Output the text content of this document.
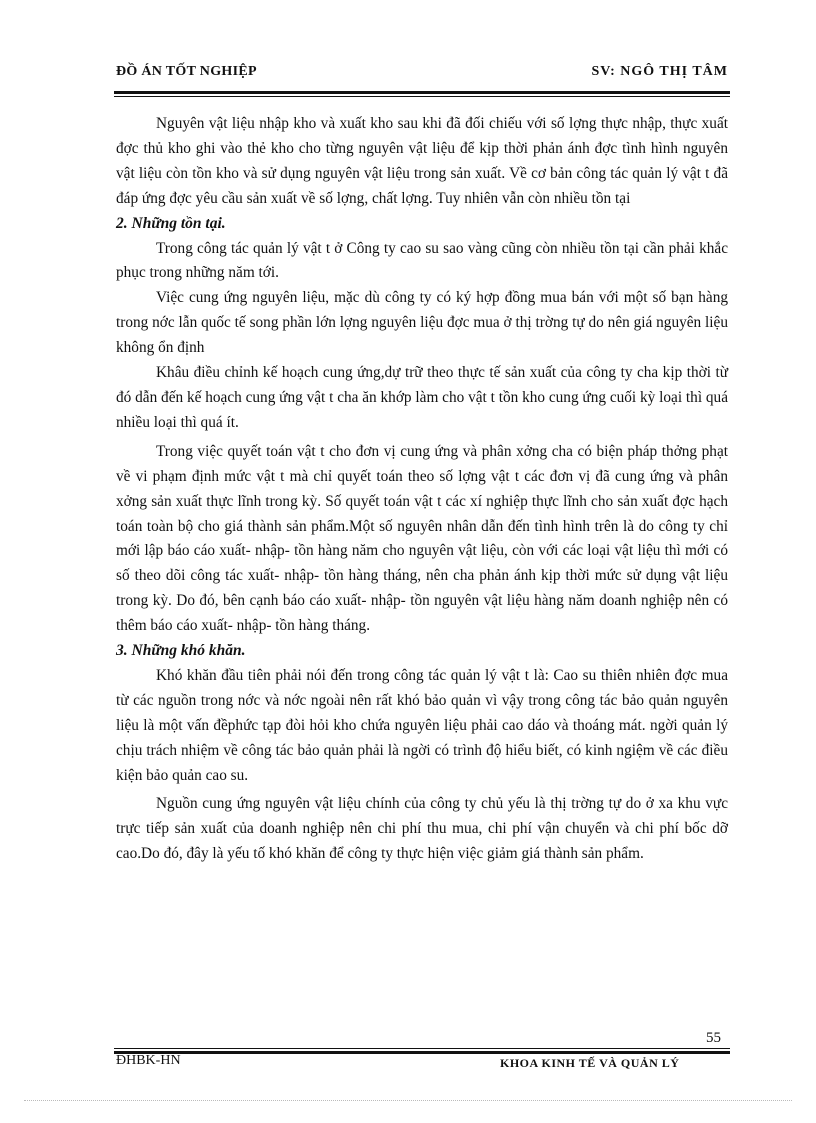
ĐỒ ÁN TỐT NGHIỆP	SV: NGÔ THỊ TÂM

Nguyên vật liệu nhập kho và xuất kho sau khi đã đối chiếu với số lợng thực nhập, thực xuất đợc thủ kho ghi vào thẻ kho cho từng nguyên vật liệu để kịp thời phản ánh đợc tình hình nguyên vật liệu còn tồn kho và sử dụng nguyên vật liệu trong sản xuất. Về cơ bản công tác quản lý vật t đã đáp ứng đợc yêu cầu sản xuất về số lợng, chất lợng. Tuy nhiên vẫn còn nhiều tồn tại

2. Những tồn tại.

Trong công tác quản lý vật t ở Công ty cao su sao vàng cũng còn nhiều tồn tại cần phải khắc phục trong những năm tới.

Việc cung ứng nguyên liệu, mặc dù công ty có ký hợp đồng mua bán với một số bạn hàng trong nớc lẫn quốc tế song phần lớn lợng nguyên liệu đợc mua ở thị trờng tự do nên giá nguyên liệu không ổn định

Khâu điều chỉnh kế hoạch cung ứng,dự trữ theo thực tế sản xuất của công ty cha kịp thời từ đó dẫn đến kế hoạch cung ứng vật t cha ăn khớp làm cho vật t tồn kho cung ứng cuối kỳ loại thì quá nhiều loại thì quá ít.

Trong việc quyết toán vật t cho đơn vị cung ứng và phân xởng cha có biện pháp thởng phạt về vi phạm định mức vật t mà chỉ quyết toán theo số lợng vật t các đơn vị đã cung ứng và phân xởng sản xuất thực lĩnh trong kỳ. Số quyết toán vật t các xí nghiệp thực lĩnh cho sản xuất đợc hạch toán toàn bộ cho giá thành sản phẩm.Một số nguyên nhân dẫn đến tình hình trên là do công ty chỉ mới lập báo cáo xuất- nhập- tồn hàng năm cho nguyên vật liệu, còn với các loại vật liệu thì mới có số theo dõi công tác xuất- nhập- tồn hàng tháng, nên cha phản ánh kịp thời mức sử dụng vật liệu trong kỳ. Do đó, bên cạnh báo cáo xuất- nhập- tồn nguyên vật liệu hàng năm doanh nghiệp nên có thêm báo cáo xuất- nhập- tồn hàng tháng.

3. Những khó khăn.

Khó khăn đầu tiên phải nói đến trong công tác quản lý vật t là: Cao su thiên nhiên đợc mua từ các nguồn trong nớc và nớc ngoài nên rất khó bảo quản vì vậy trong công tác bảo quản nguyên liệu là một vấn đềphức tạp đòi hỏi kho chứa nguyên liệu phải cao dáo và thoáng mát. ngời quản lý chịu trách nhiệm về công tác bảo quản phải là ngời có trình độ hiểu biết, có kinh ngiệm về các điều kiện bảo quản cao su.

Nguồn cung ứng nguyên vật liệu chính của công ty chủ yếu là thị trờng tự do ở xa khu vực trực tiếp sản xuất của doanh nghiệp nên chi phí thu mua, chi phí vận chuyển và chi phí bốc dỡ cao.Do đó, đây là yếu tố khó khăn để công ty thực hiện việc giảm giá thành sản phẩm.

55
ĐHBK-HN	KHOA KINH TẾ VÀ QUẢN LÝ
